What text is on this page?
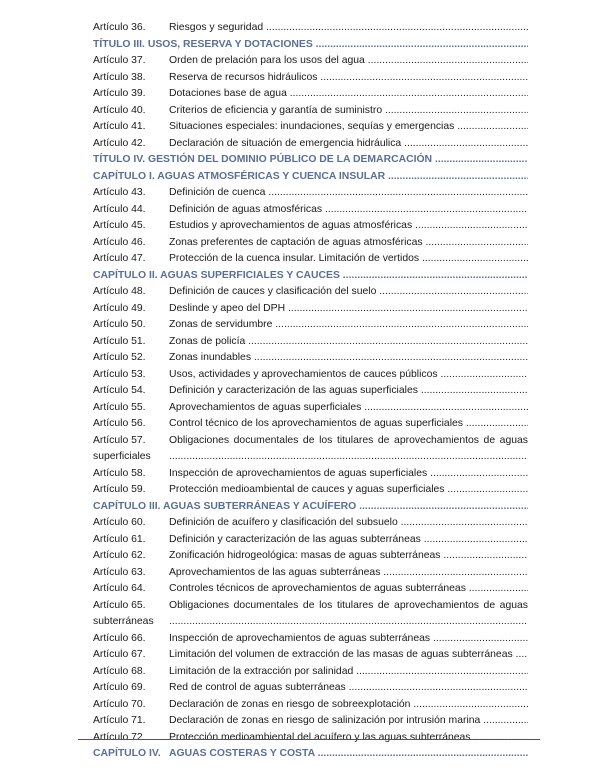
Artículo 36. Riesgos y seguridad .....
TÍTULO III. USOS, RESERVA Y DOTACIONES .....
Artículo 37. Orden de prelación para los usos del agua .....
Artículo 38. Reserva de recursos hidráulicos .....
Artículo 39. Dotaciones base de agua .....
Artículo 40. Criterios de eficiencia y garantía de suministro .....
Artículo 41. Situaciones especiales: inundaciones, sequías y emergencias .....
Artículo 42. Declaración de situación de emergencia hidráulica .....
TÍTULO IV. GESTIÓN DEL DOMINIO PÚBLICO DE LA DEMARCACIÓN .....
CAPÍTULO I. AGUAS ATMOSFÉRICAS Y CUENCA INSULAR .....
Artículo 43. Definición de cuenca .....
Artículo 44. Definición de aguas atmosféricas .....
Artículo 45. Estudios y aprovechamientos de aguas atmosféricas .....
Artículo 46. Zonas preferentes de captación de aguas atmosféricas .....
Artículo 47. Protección de la cuenca insular. Limitación de vertidos .....
CAPÍTULO II. AGUAS SUPERFICIALES Y CAUCES .....
Artículo 48. Definición de cauces y clasificación del suelo .....
Artículo 49. Deslinde y apeo del DPH .....
Artículo 50. Zonas de servidumbre .....
Artículo 51. Zonas de policía .....
Artículo 52. Zonas inundables .....
Artículo 53. Usos, actividades y aprovechamientos de cauces públicos .....
Artículo 54. Definición y caracterización de las aguas superficiales .....
Artículo 55. Aprovechamientos de aguas superficiales .....
Artículo 56. Control técnico de los aprovechamientos de aguas superficiales .....
Artículo 57. Obligaciones documentales de los titulares de aprovechamientos de aguas
superficiales
.....
Artículo 58. Inspección de aprovechamientos de aguas superficiales .....
Artículo 59. Protección medioambiental de cauces y aguas superficiales .....
CAPÍTULO III. AGUAS SUBTERRÁNEAS Y ACUÍFERO .....
Artículo 60. Definición de acuífero y clasificación del subsuelo .....
Artículo 61. Definición y caracterización de las aguas subterráneas .....
Artículo 62. Zonificación hidrogeológica: masas de aguas subterráneas .....
Artículo 63. Aprovechamientos de las aguas subterráneas .....
Artículo 64. Controles técnicos de aprovechamientos de aguas subterráneas .....
Artículo 65. Obligaciones documentales de los titulares de aprovechamientos de aguas
subterráneas
.....
Artículo 66. Inspección de aprovechamientos de aguas subterráneas .....
Artículo 67. Limitación del volumen de extracción de las masas de aguas subterráneas .....
Artículo 68. Limitación de la extracción por salinidad .....
Artículo 69. Red de control de aguas subterráneas .....
Artículo 70. Declaración de zonas en riesgo de sobreexplotación .....
Artículo 71. Declaración de zonas en riesgo de salinización por intrusión marina .....
Artículo 72. Protección medioambiental del acuífero y las aguas subterráneas .....
CAPÍTULO IV. AGUAS COSTERAS Y COSTA .....
